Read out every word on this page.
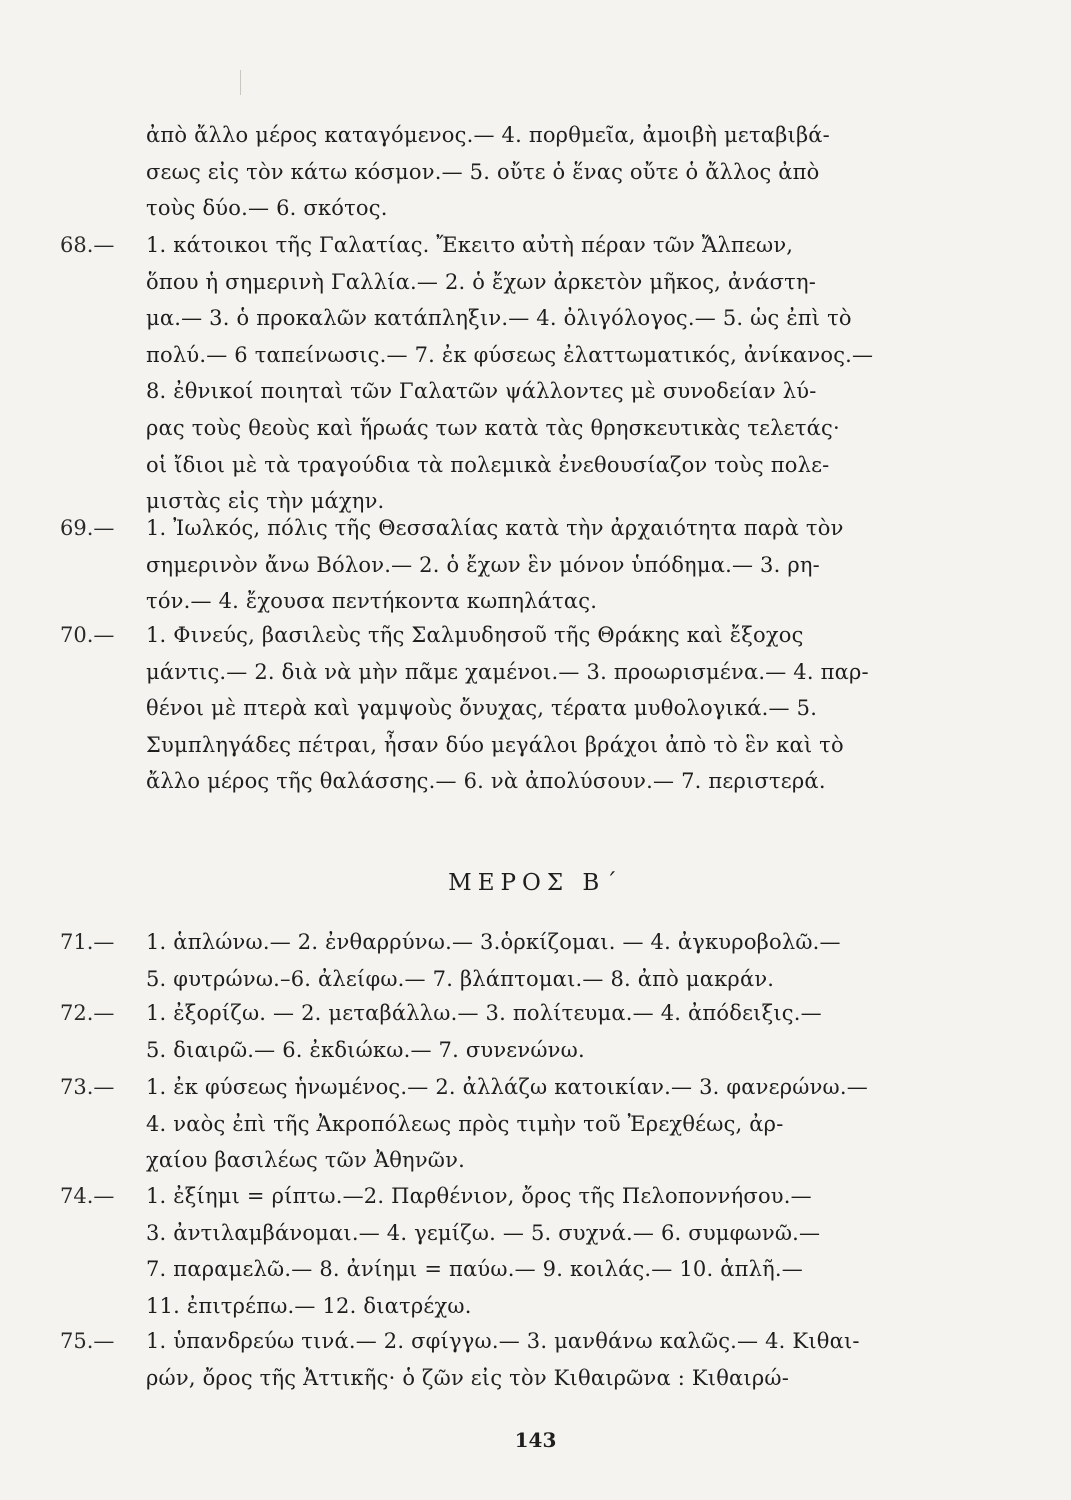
ἀπὸ ἄλλο μέρος καταγόμενος.— 4. πορθμεῖα, ἀμοιβὴ μεταβιβά-
σεως εἰς τὸν κάτω κόσμον.— 5. οὔτε ὁ ἕνας οὔτε ὁ ἄλλος ἀπὸ
τοὺς δύο.— 6. σκότος.
68.—	1. κάτοικοι τῆς Γαλατίας. Ἔκειτο αὐτὴ πέραν τῶν Ἄλπεων,
ὅπου ἡ σημερινὴ Γαλλία.— 2. ὁ ἔχων ἀρκετὸν μῆκος, ἀνάστη-
μα.— 3. ὁ προκαλῶν κατάπληξιν.— 4. ὀλιγόλογος.— 5. ὡς ἐπὶ τὸ
πολύ.— 6 ταπείνωσις.— 7. ἐκ φύσεως ἐλαττωματικός, ἀνίκανος.—
8. ἐθνικοί ποιηταὶ τῶν Γαλατῶν ψάλλοντες μὲ συνοδείαν λύ-
ρας τοὺς θεοὺς καὶ ἥρωάς των κατὰ τὰς θρησκευτικὰς τελετάς·
οἱ ἴδιοι μὲ τὰ τραγούδια τὰ πολεμικὰ ἐνεθουσίαζον τοὺς πολε-
μιστὰς εἰς τὴν μάχην.
69.—	1. Ἰωλκός, πόλις τῆς Θεσσαλίας κατὰ τὴν ἀρχαιότητα παρὰ τὸν
σημερινὸν ἄνω Βόλον.— 2. ὁ ἔχων ἓν μόνον ὑπόδημα.— 3. ρη-
τόν.— 4. ἔχουσα πεντήκοντα κωπηλάτας.
70.—	1. Φινεύς, βασιλεὺς τῆς Σαλμυδησοῦ τῆς Θράκης καὶ ἔξοχος
μάντις.— 2. διὰ νὰ μὴν πᾶμε χαμένοι.— 3. προωρισμένα.— 4. παρ-
θένοι μὲ πτερὰ καὶ γαμψοὺς ὄνυχας, τέρατα μυθολογικά.— 5.
Συμπληγάδες πέτραι, ἦσαν δύο μεγάλοι βράχοι ἀπὸ τὸ ἓν καὶ τὸ
ἄλλο μέρος τῆς θαλάσσης.— 6. νὰ ἀπολύσουν.— 7. περιστερά.
ΜΕΡΟΣ Β΄
71.—	1. ἁπλώνω.— 2. ἐνθαρρύνω.— 3.ὁρκίζομαι. — 4. ἀγκυροβολῶ.—
5. φυτρώνω.–6. ἀλείφω.— 7. βλάπτομαι.— 8. ἀπὸ μακράν.
72.—	1. ἐξορίζω. — 2. μεταβάλλω.— 3. πολίτευμα.— 4. ἀπόδειξις.—
5. διαιρῶ.— 6. ἐκδιώκω.— 7. συνενώνω.
73.—	1. ἐκ φύσεως ἡνωμένος.— 2. ἀλλάζω κατοικίαν.— 3. φανερώνω.—
4. ναὸς ἐπὶ τῆς Ἀκροπόλεως πρὸς τιμὴν τοῦ Ἐρεχθέως, ἀρ-
χαίου βασιλέως τῶν Ἀθηνῶν.
74.—	1. ἐξίημι = ρίπτω.—2. Παρθένιον, ὄρος τῆς Πελοποννήσου.—
3. ἀντιλαμβάνομαι.— 4. γεμίζω. — 5. συχνά.— 6. συμφωνῶ.—
7. παραμελῶ.— 8. ἀνίημι = παύω.— 9. κοιλάς.— 10. ἁπλῆ.—
11. ἐπιτρέπω.— 12. διατρέχω.
75.—	1. ὑπανδρεύω τινά.— 2. σφίγγω.— 3. μανθάνω καλῶς.— 4. Κιθαι-
ρών, ὄρος τῆς Ἀττικῆς· ὁ ζῶν εἰς τὸν Κιθαιρῶνα : Κιθαιρώ-
143
